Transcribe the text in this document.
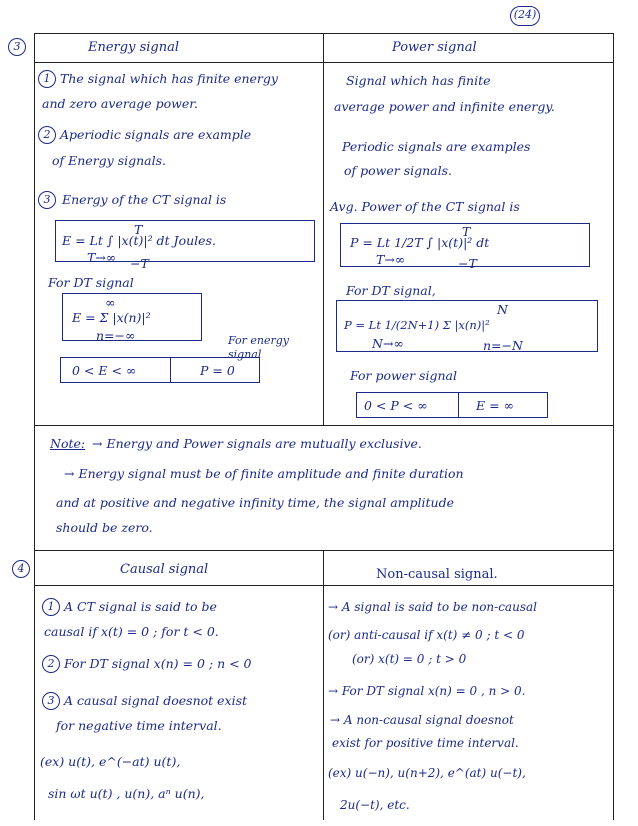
(24)
3	Energy signal	Power signal
1 The signal which has finite energy
and zero average power.
2 Aperiodic signals are example
of Energy signals.
3 Energy of the CT signal is
E = Lt ∫ |x(t)|² dt Joules.
T→∞
T
−T
For DT signal
E = Σ |x(n)|²
∞
n=−∞
0 < E < ∞	P = 0
For energy signal
Signal which has finite
average power and infinite energy.
Periodic signals are examples
of power signals.
Avg. Power of the CT signal is
P = Lt 1/2T ∫ |x(t)|² dt
T→∞
T
−T
For DT signal,
P = Lt 1/(2N+1) Σ |x(n)|²
N→∞
N
n=−N
For power signal
0 < P < ∞	E = ∞
Note: → Energy and Power signals are mutually exclusive.
→ Energy signal must be of finite amplitude and finite duration
and at positive and negative infinity time, the signal amplitude
should be zero.
4	Causal signal	Non-causal signal.
1 A CT signal is said to be
causal if x(t) = 0 ; for t < 0.
2 For DT signal x(n) = 0 ; n < 0
3 A causal signal doesnot exist
for negative time interval.
(ex) u(t), e^(−at) u(t),
sin ωt u(t) , u(n), aⁿ u(n),
→ A signal is said to be non-causal
(or) anti-causal if x(t) ≠ 0 ; t < 0
(or) x(t) = 0 ; t > 0
→ For DT signal x(n) = 0 , n > 0.
→ A non-causal signal doesnot
exist for positive time interval.
(ex) u(−n), u(n+2), e^(at) u(−t),
2u(−t), etc.
